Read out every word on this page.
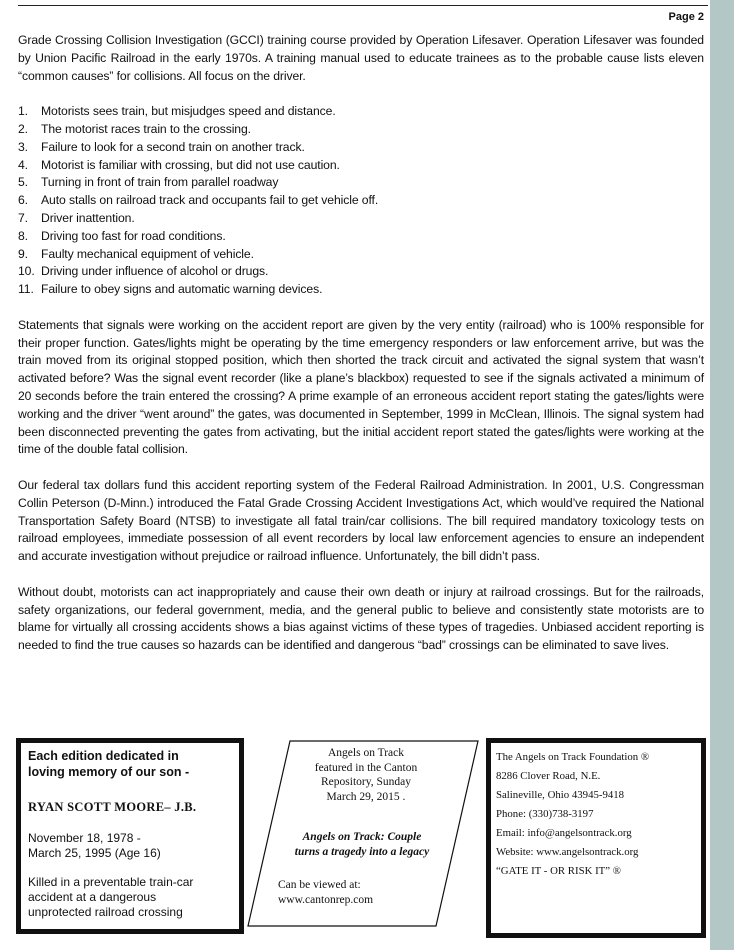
Page 2

Grade Crossing Collision Investigation (GCCI) training course provided by Operation Lifesaver. Operation Lifesaver was founded by Union Pacific Railroad in the early 1970s. A training manual used to educate trainees as to the probable cause lists eleven “common causes” for collisions. All focus on the driver.

1.	Motorists sees train, but misjudges speed and distance.
2.	The motorist races train to the crossing.
3.	Failure to look for a second train on another track.
4.	Motorist is familiar with crossing, but did not use caution.
5.	Turning in front of train from parallel roadway
6.	Auto stalls on railroad track and occupants fail to get vehicle off.
7.	Driver inattention.
8.	Driving too fast for road conditions.
9.	Faulty mechanical equipment of vehicle.
10. Driving under influence of alcohol or drugs.
11. Failure to obey signs and automatic warning devices.

Statements that signals were working on the accident report are given by the very entity (railroad) who is 100% responsible for their proper function. Gates/lights might be operating by the time emergency responders or law enforcement arrive, but was the train moved from its original stopped position, which then shorted the track circuit and activated the signal system that wasn’t activated before? Was the signal event recorder (like a plane’s blackbox) requested to see if the signals activated a minimum of 20 seconds before the train entered the crossing? A prime example of an erroneous accident report stating the gates/lights were working and the driver “went around” the gates, was documented in September, 1999 in McClean, Illinois. The signal system had been disconnected preventing the gates from activating, but the initial accident report stated the gates/lights were working at the time of the double fatal collision.

Our federal tax dollars fund this accident reporting system of the Federal Railroad Administration. In 2001, U.S. Congressman Collin Peterson (D-Minn.) introduced the Fatal Grade Crossing Accident Investigations Act, which would’ve required the National Transportation Safety Board (NTSB) to investigate all fatal train/car collisions. The bill required mandatory toxicology tests on railroad employees, immediate possession of all event recorders by local law enforcement agencies to ensure an independent and accurate investigation without prejudice or railroad influence. Unfortunately, the bill didn’t pass.

Without doubt, motorists can act inappropriately and cause their own death or injury at railroad crossings. But for the railroads, safety organizations, our federal government, media, and the general public to believe and consistently state motorists are to blame for virtually all crossing accidents shows a bias against victims of these types of tragedies. Unbiased accident reporting is needed to find the true causes so hazards can be identified and dangerous “bad” crossings can be eliminated to save lives.

Each edition dedicated in
loving memory of our son -
RYAN SCOTT MOORE– J.B.
November 18, 1978 -
March 25, 1995 (Age 16)
Killed in a preventable train-car
accident at a dangerous
unprotected railroad crossing
Angels on Track
featured in the Canton
Repository, Sunday
March 29, 2015 .
Angels on Track: Couple
turns a tragedy into a legacy
Can be viewed at:
www.cantonrep.com
The Angels on Track Foundation ®
8286 Clover Road, N.E.
Salineville, Ohio 43945-9418
Phone: (330)738-3197
Email: info@angelsontrack.org
Website: www.angelsontrack.org
“GATE IT - OR RISK IT” ®
